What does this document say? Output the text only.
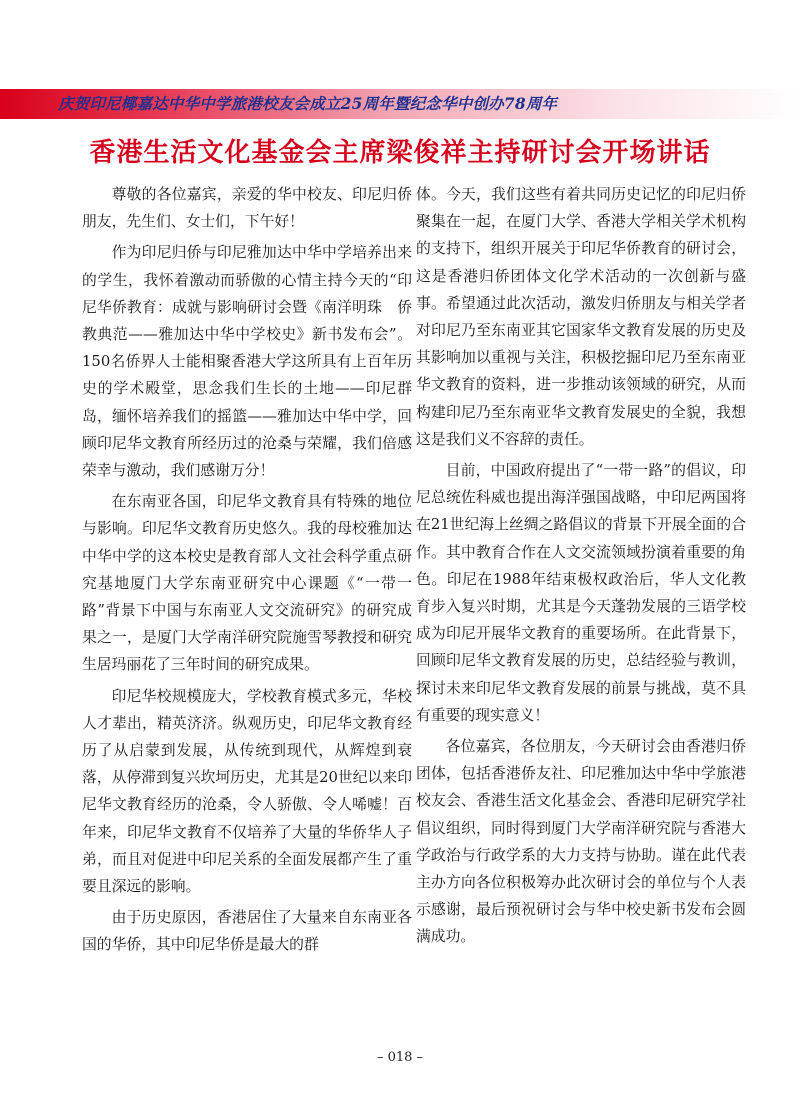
庆贺印尼椰嘉达中华中学旅港校友会成立25周年暨纪念华中创办78周年
香港生活文化基金会主席梁俊祥主持研讨会开场讲话

尊敬的各位嘉宾，亲爱的华中校友、印尼归侨朋友，先生们、女士们，下午好！

作为印尼归侨与印尼雅加达中华中学培养出来的学生，我怀着激动而骄傲的心情主持今天的“印尼华侨教育：成就与影响研讨会暨《南洋明珠　侨教典范——雅加达中华中学校史》新书发布会”。150名侨界人士能相聚香港大学这所具有上百年历史的学术殿堂，思念我们生长的土地——印尼群岛，缅怀培养我们的摇篮——雅加达中华中学，回顾印尼华文教育所经历过的沧桑与荣耀，我们倍感荣幸与激动，我们感谢万分！

在东南亚各国，印尼华文教育具有特殊的地位与影响。印尼华文教育历史悠久。我的母校雅加达中华中学的这本校史是教育部人文社会科学重点研究基地厦门大学东南亚研究中心课题《“一带一路”背景下中国与东南亚人文交流研究》的研究成果之一，是厦门大学南洋研究院施雪琴教授和研究生居玛丽花了三年时间的研究成果。

印尼华校规模庞大，学校教育模式多元，华校人才辈出，精英济济。纵观历史，印尼华文教育经历了从启蒙到发展，从传统到现代，从辉煌到衰落，从停滞到复兴坎坷历史，尤其是20世纪以来印尼华文教育经历的沧桑，令人骄傲、令人唏嘘！百年来，印尼华文教育不仅培养了大量的华侨华人子弟，而且对促进中印尼关系的全面发展都产生了重要且深远的影响。

由于历史原因，香港居住了大量来自东南亚各国的华侨，其中印尼华侨是最大的群

体。今天，我们这些有着共同历史记忆的印尼归侨聚集在一起，在厦门大学、香港大学相关学术机构的支持下，组织开展关于印尼华侨教育的研讨会，这是香港归侨团体文化学术活动的一次创新与盛事。希望通过此次活动，激发归侨朋友与相关学者对印尼乃至东南亚其它国家华文教育发展的历史及其影响加以重视与关注，积极挖掘印尼乃至东南亚华文教育的资料，进一步推动该领域的研究，从而构建印尼乃至东南亚华文教育发展史的全貌，我想这是我们义不容辞的责任。

目前，中国政府提出了“一带一路”的倡议，印尼总统佐科威也提出海洋强国战略，中印尼两国将在21世纪海上丝绸之路倡议的背景下开展全面的合作。其中教育合作在人文交流领域扮演着重要的角色。印尼在1988年结束极权政治后，华人文化教育步入复兴时期，尤其是今天蓬勃发展的三语学校成为印尼开展华文教育的重要场所。在此背景下，回顾印尼华文教育发展的历史，总结经验与教训，探讨未来印尼华文教育发展的前景与挑战，莫不具有重要的现实意义！

各位嘉宾，各位朋友，今天研讨会由香港归侨团体，包括香港侨友社、印尼雅加达中华中学旅港校友会、香港生活文化基金会、香港印尼研究学社倡议组织，同时得到厦门大学南洋研究院与香港大学政治与行政学系的大力支持与协助。谨在此代表主办方向各位积极筹办此次研讨会的单位与个人表示感谢，最后预祝研讨会与华中校史新书发布会圆满成功。

– 018 –
